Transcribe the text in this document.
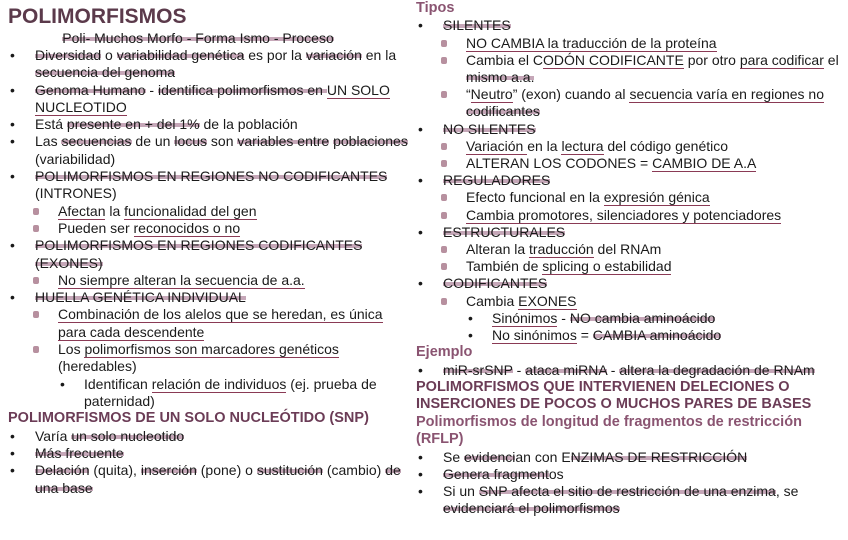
POLIMORFISMOS
Poli- Muchos Morfo - Forma Ismo - Proceso
• Diversidad o variabilidad genética es por la variación en la secuencia del genoma
• Genoma Humano - identifica polimorfismos en UN SOLO NUCLEOTIDO
• Está presente en + del 1% de la población
• Las secuencias de un locus son variables entre poblaciones (variabilidad)
• POLIMORFISMOS EN REGIONES NO CODIFICANTES (INTRONES)
Afectan la funcionalidad del gen
Pueden ser reconocidos o no
• POLIMORFISMOS EN REGIONES CODIFICANTES (EXONES)
No siempre alteran la secuencia de a.a.
• HUELLA GENÉTICA INDIVIDUAL
Combinación de los alelos que se heredan, es única para cada descendente
Los polimorfismos son marcadores genéticos (heredables)
• Identifican relación de individuos (ej. prueba de paternidad)
POLIMORFISMOS DE UN SOLO NUCLEÓTIDO (SNP)
• Varía un solo nucleotido
• Más frecuente
• Delación (quita), inserción (pone) o sustitución (cambio) de una base
Tipos
• SILENTES
NO CAMBIA la traducción de la proteína
Cambia el CODÓN CODIFICANTE por otro para codificar el mismo a.a.
“Neutro” (exon) cuando al secuencia varía en regiones no codificantes
• NO SILENTES
Variación en la lectura del código genético
ALTERAN LOS CODONES = CAMBIO DE A.A
• REGULADORES
Efecto funcional en la expresión génica
Cambia promotores, silenciadores y potenciadores
• ESTRUCTURALES
Alteran la traducción del RNAm
También de splicing o estabilidad
• CODIFICANTES
Cambia EXONES
• Sinónimos - NO cambia aminoácido
• No sinónimos = CAMBIA aminoácido
Ejemplo
• miR-srSNP - ataca miRNA - altera la degradación de RNAm
POLIMORFISMOS QUE INTERVIENEN DELECIONES O INSERCIONES DE POCOS O MUCHOS PARES DE BASES
Polimorfismos de longitud de fragmentos de restricción (RFLP)
• Se evidencian con ENZIMAS DE RESTRICCIÓN
• Genera fragmentos
• Si un SNP afecta el sitio de restricción de una enzima, se evidenciará el polimorfismos
